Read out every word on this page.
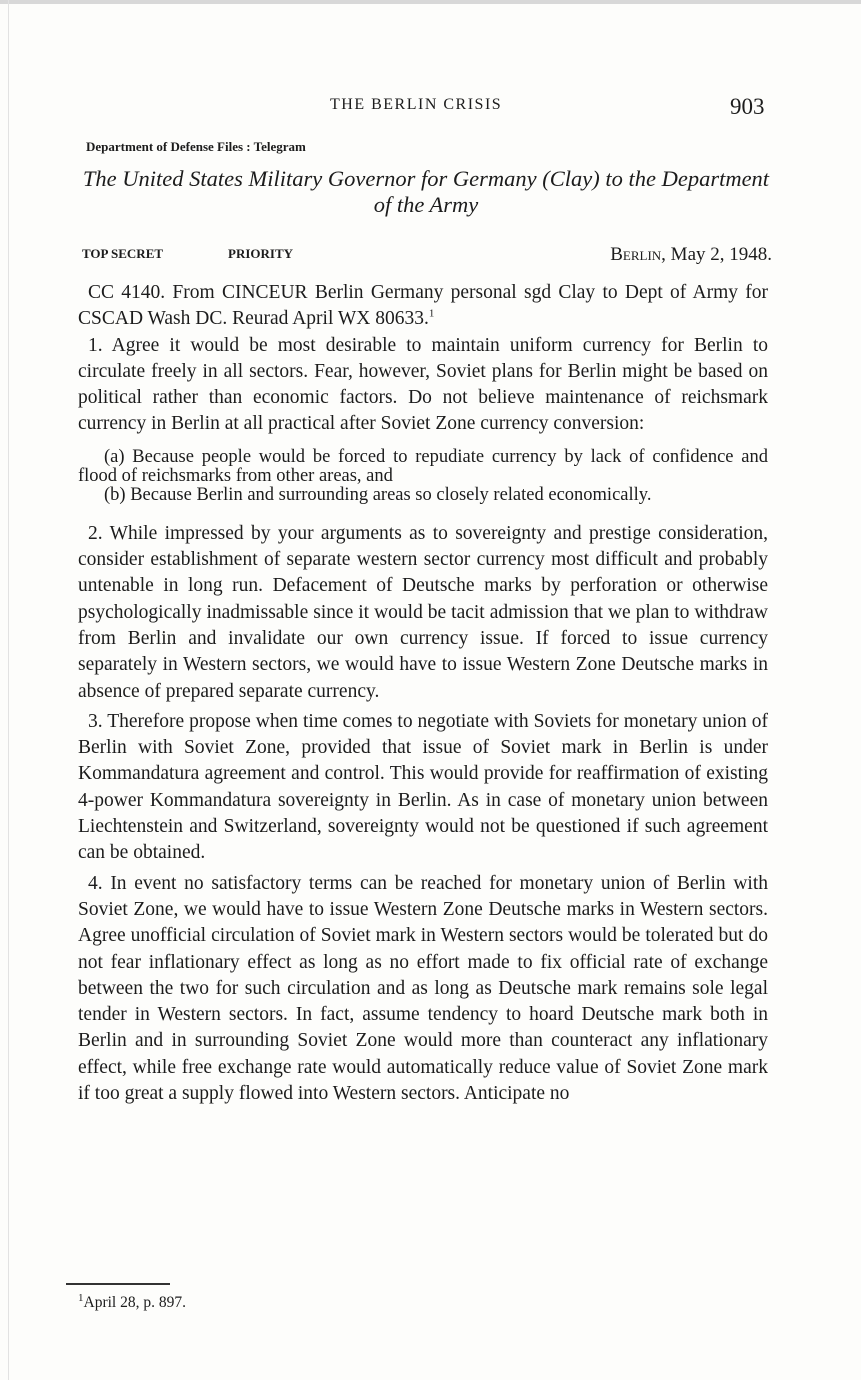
THE BERLIN CRISIS	903
Department of Defense Files : Telegram
The United States Military Governor for Germany (Clay) to the Department of the Army
TOP SECRET	PRIORITY	Berlin, May 2, 1948.

CC 4140. From CINCEUR Berlin Germany personal sgd Clay to Dept of Army for CSCAD Wash DC. Reurad April WX 80633.$^1$

1. Agree it would be most desirable to maintain uniform currency for Berlin to circulate freely in all sectors. Fear, however, Soviet plans for Berlin might be based on political rather than economic factors. Do not believe maintenance of reichsmark currency in Berlin at all practical after Soviet Zone currency conversion:

(a) Because people would be forced to repudiate currency by lack of confidence and flood of reichsmarks from other areas, and

(b) Because Berlin and surrounding areas so closely related economically.

2. While impressed by your arguments as to sovereignty and prestige consideration, consider establishment of separate western sector currency most difficult and probably untenable in long run. Defacement of Deutsche marks by perforation or otherwise psychologically inadmissable since it would be tacit admission that we plan to withdraw from Berlin and invalidate our own currency issue. If forced to issue currency separately in Western sectors, we would have to issue Western Zone Deutsche marks in absence of prepared separate currency.

3. Therefore propose when time comes to negotiate with Soviets for monetary union of Berlin with Soviet Zone, provided that issue of Soviet mark in Berlin is under Kommandatura agreement and control. This would provide for reaffirmation of existing 4-power Kommandatura sovereignty in Berlin. As in case of monetary union between Liechtenstein and Switzerland, sovereignty would not be questioned if such agreement can be obtained.

4. In event no satisfactory terms can be reached for monetary union of Berlin with Soviet Zone, we would have to issue Western Zone Deutsche marks in Western sectors. Agree unofficial circulation of Soviet mark in Western sectors would be tolerated but do not fear inflationary effect as long as no effort made to fix official rate of exchange between the two for such circulation and as long as Deutsche mark remains sole legal tender in Western sectors. In fact, assume tendency to hoard Deutsche mark both in Berlin and in surrounding Soviet Zone would more than counteract any inflationary effect, while free exchange rate would automatically reduce value of Soviet Zone mark if too great a supply flowed into Western sectors. Anticipate no

$^1$April 28, p. 897.
